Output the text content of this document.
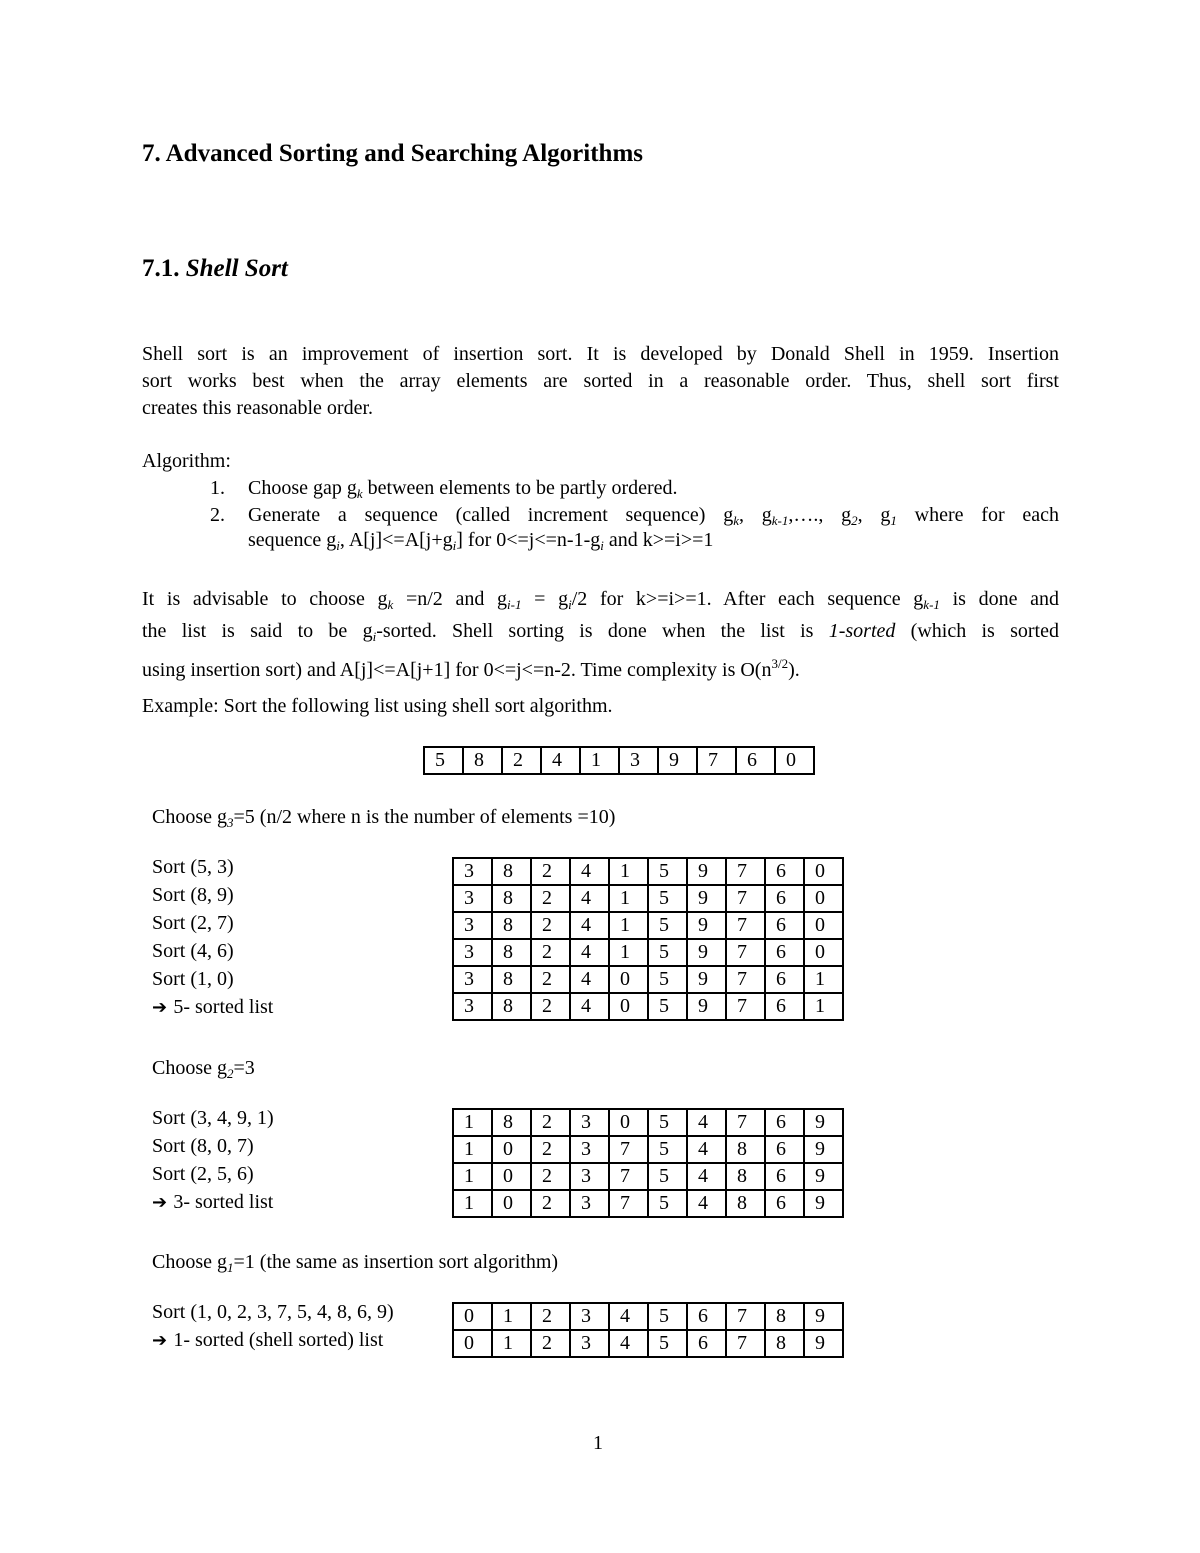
7. Advanced Sorting and Searching Algorithms
7.1. Shell Sort
Shell sort is an improvement of insertion sort. It is developed by Donald Shell in 1959. Insertion
sort works best when the array elements are sorted in a reasonable order. Thus, shell sort first
creates this reasonable order.
Algorithm:
1. Choose gap $g_k$ between elements to be partly ordered.
2. Generate a sequence (called increment sequence) $g_k$, $g_{k-1},\dots$., $g_2$, $g_1$ where for each
sequence $g_i$, $A[j]<=A[j+g_i]$ for $0<=j<=n-1-g_i$ and k>=i>=1
It is advisable to choose $g_k =n/2$ and $g_{i-1} = g_i/2$ for k>=i>=1. After each sequence $g_{k-1}$ is done and
the list is said to be $g_i$-sorted. Shell sorting is done when the list is 1-sorted (which is sorted
using insertion sort) and A[j]<=A[j+1] for 0<=j<=n-2. Time complexity is $O(n^{3/2})$.
Example: Sort the following list using shell sort algorithm.
5	8	2	4	1	3	9	7	6	0
Choose $g_3=5$ (n/2 where n is the number of elements =10)
Sort (5, 3)
Sort (8, 9)
Sort (2, 7)
Sort (4, 6)
Sort (1, 0)
➔ 5- sorted list
3	8	2	4	1	5	9	7	6	0
3	8	2	4	1	5	9	7	6	0
3	8	2	4	1	5	9	7	6	0
3	8	2	4	1	5	9	7	6	0
3	8	2	4	0	5	9	7	6	1
3	8	2	4	0	5	9	7	6	1
Choose $g_2=3$
Sort (3, 4, 9, 1)
Sort (8, 0, 7)
Sort (2, 5, 6)
➔ 3- sorted list
1	8	2	3	0	5	4	7	6	9
1	0	2	3	7	5	4	8	6	9
1	0	2	3	7	5	4	8	6	9
1	0	2	3	7	5	4	8	6	9
Choose $g_1=1$ (the same as insertion sort algorithm)
Sort (1, 0, 2, 3, 7, 5, 4, 8, 6, 9)
➔ 1- sorted (shell sorted) list
0	1	2	3	4	5	6	7	8	9
0	1	2	3	4	5	6	7	8	9
1
